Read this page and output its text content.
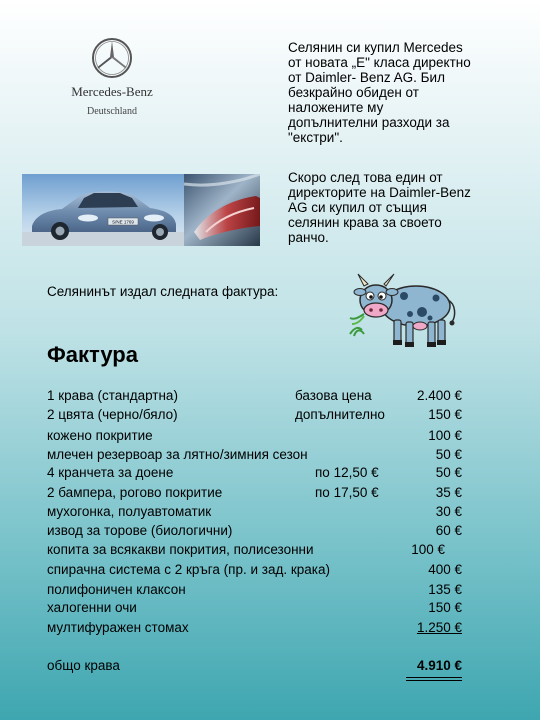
Mercedes-Benz
Deutschland
Селянин си купил Mercedes
от новата „E" класа директно
от Daimler- Benz AG. Бил
безкрайно обиден от
наложените му
допълнителни разходи за
"екстри".
Скоро след това един от
директорите на Daimler-Benz
AG си купил от същия
селянин крава за своето
ранчо.
S/NE 1769
Селянинът издал следната фактура:
Фактура
1 крава (стандартна)	базова цена	2.400 €
2 цвята (черно/бяло)	допълнително	150 €
кожено покритие	100 €
млечен резервоар за лятно/зимния сезон	50 €
4 кранчета за доене	по 12,50 €	50 €
2 бампера, рогово покритие	по 17,50 €	35 €
мухогонка, полуавтоматик	30 €
извод за торове (биологични)	60 €
копита за всякакви покрития, полисезонни	100 €
спирачна система с 2 кръга (пр. и зад. крака)	400 €
полифоничен клаксон	135 €
халогенни очи	150 €
мултифуражен стомах	1.250 €
общо крава	4.910 €
